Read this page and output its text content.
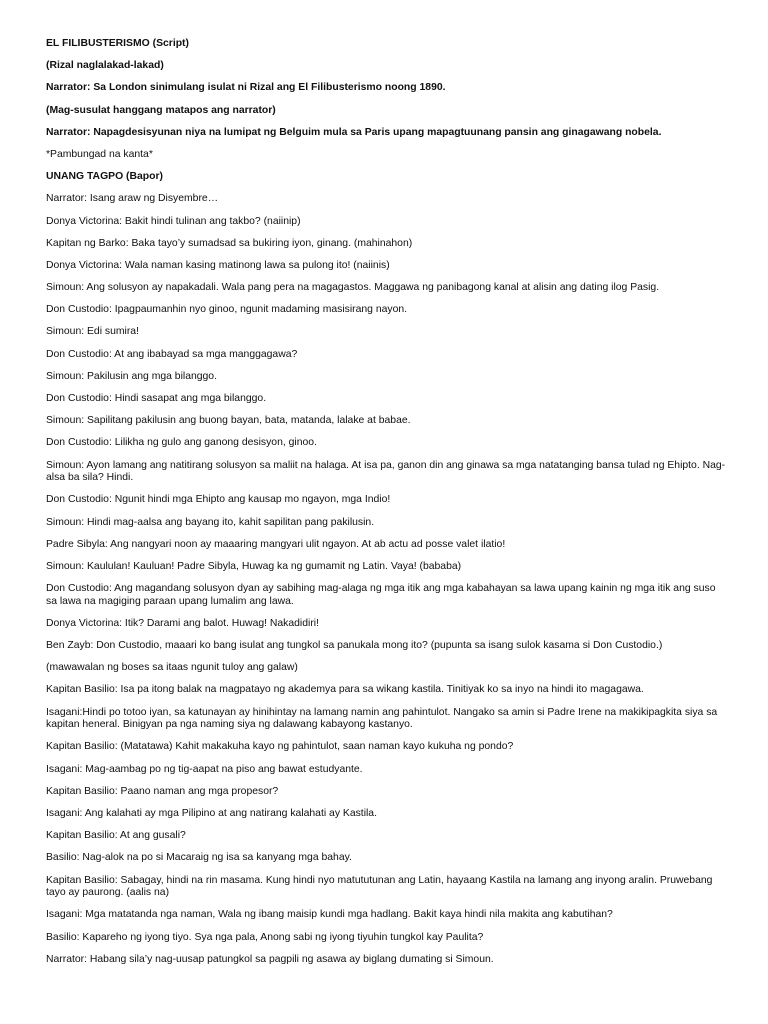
EL FILIBUSTERISMO (Script)

(Rizal naglalakad-lakad)

Narrator: Sa London sinimulang isulat ni Rizal ang El Filibusterismo noong 1890.

(Mag-susulat hanggang matapos ang narrator)

Narrator: Napagdesisyunan niya na lumipat ng Belguim mula sa Paris upang mapagtuunang pansin ang ginagawang nobela.

*Pambungad na kanta*

UNANG TAGPO (Bapor)

Narrator: Isang araw ng Disyembre…

Donya Victorina: Bakit hindi tulinan ang takbo? (naiinip)

Kapitan ng Barko: Baka tayo’y sumadsad sa bukiring iyon, ginang. (mahinahon)

Donya Victorina: Wala naman kasing matinong lawa sa pulong ito! (naiinis)

Simoun: Ang solusyon ay napakadali. Wala pang pera na magagastos. Maggawa ng panibagong kanal at alisin ang dating ilog Pasig.

Don Custodio: Ipagpaumanhin nyo ginoo, ngunit madaming masisirang nayon.

Simoun: Edi sumira!

Don Custodio: At ang ibabayad sa mga manggagawa?

Simoun: Pakilusin ang mga bilanggo.

Don Custodio: Hindi sasapat ang mga bilanggo.

Simoun: Sapilitang pakilusin ang buong bayan, bata, matanda, lalake at babae.

Don Custodio: Lilikha ng gulo ang ganong desisyon, ginoo.

Simoun: Ayon lamang ang natitirang solusyon sa maliit na halaga. At isa pa, ganon din ang ginawa sa mga natatanging bansa tulad ng Ehipto. Nag-alsa ba sila? Hindi.

Don Custodio: Ngunit hindi mga Ehipto ang kausap mo ngayon, mga Indio!

Simoun: Hindi mag-aalsa ang bayang ito, kahit sapilitan pang pakilusin.

Padre Sibyla: Ang nangyari noon ay maaaring mangyari ulit ngayon. At ab actu ad posse valet ilatio!

Simoun: Kaululan! Kauluan! Padre Sibyla, Huwag ka ng gumamit ng Latin. Vaya! (bababa)

Don Custodio: Ang magandang solusyon dyan ay sabihing mag-alaga ng mga itik ang mga kabahayan sa lawa upang kainin ng mga itik ang suso sa lawa na magiging paraan upang lumalim ang lawa.

Donya Victorina: Itik? Darami ang balot. Huwag! Nakadidiri!

Ben Zayb: Don Custodio, maaari ko bang isulat ang tungkol sa panukala mong ito? (pupunta sa isang sulok kasama si Don Custodio.)

(mawawalan ng boses sa itaas ngunit tuloy ang galaw)

Kapitan Basilio: Isa pa itong balak na magpatayo ng akademya para sa wikang kastila. Tinitiyak ko sa inyo na hindi ito magagawa.

Isagani:Hindi po totoo iyan, sa katunayan ay hinihintay na lamang namin ang pahintulot. Nangako sa amin si Padre Irene na makikipagkita siya sa kapitan heneral. Binigyan pa nga naming siya ng dalawang kabayong kastanyo.

Kapitan Basilio: (Matatawa) Kahit makakuha kayo ng pahintulot, saan naman kayo kukuha ng pondo?

Isagani: Mag-aambag po ng tig-aapat na piso ang bawat estudyante.

Kapitan Basilio: Paano naman ang mga propesor?

Isagani: Ang kalahati ay mga Pilipino at ang natirang kalahati ay Kastila.

Kapitan Basilio: At ang gusali?

Basilio: Nag-alok na po si Macaraig ng isa sa kanyang mga bahay.

Kapitan Basilio: Sabagay, hindi na rin masama. Kung hindi nyo matututunan ang Latin, hayaang Kastila na lamang ang inyong aralin. Pruwebang tayo ay paurong. (aalis na)

Isagani: Mga matatanda nga naman, Wala ng ibang maisip kundi mga hadlang. Bakit kaya hindi nila makita ang kabutihan?

Basilio: Kapareho ng iyong tiyo. Sya nga pala, Anong sabi ng iyong tiyuhin tungkol kay Paulita?

Narrator: Habang sila’y nag-uusap patungkol sa pagpili ng asawa ay biglang dumating si Simoun.
